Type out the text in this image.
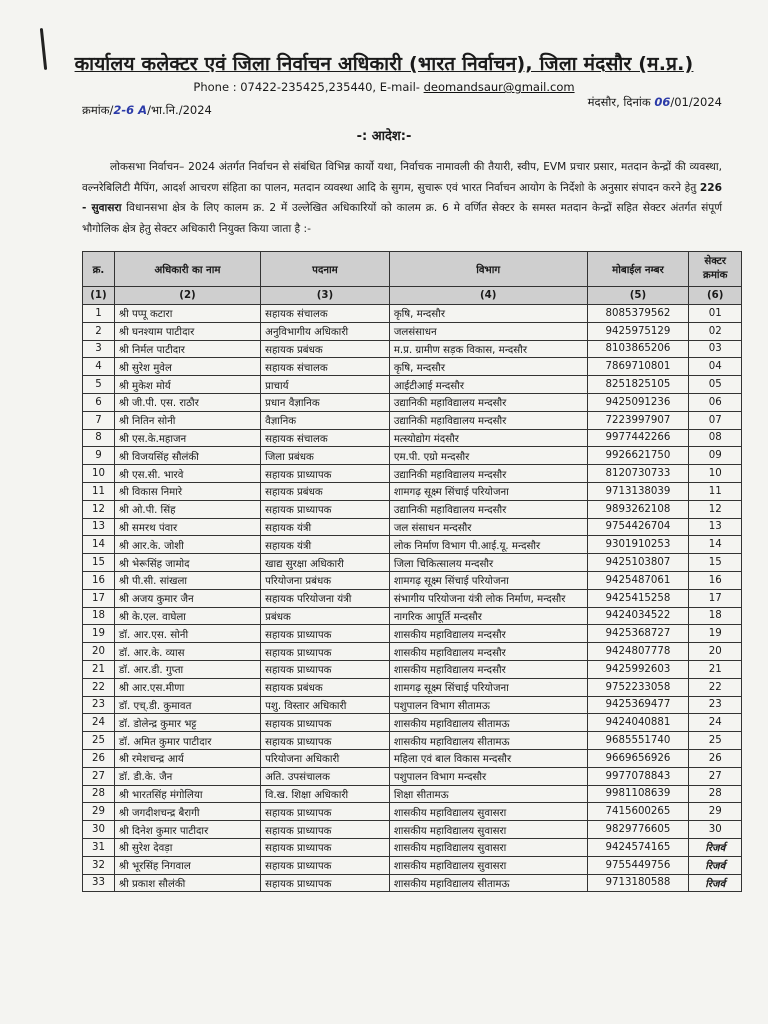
कार्यालय कलेक्टर एवं जिला निर्वाचन अधिकारी (भारत निर्वाचन), जिला मंदसौर (म.प्र.)
Phone : 07422-235425,235440, E-mail- deomandsaur@gmail.com
क्रमांक/2-6 A/भा.नि./2024
मंदसौर, दिनांक 06/01/2024
-: आदेश:-

लोकसभा निर्वाचन– 2024 अंतर्गत निर्वाचन से संबंधित विभिन्न कार्यो यथा, निर्वाचक नामावली की तैयारी, स्वीप, EVM प्रचार प्रसार, मतदान केन्द्रों की व्यवस्था, वल्नरेबिलिटी मैपिंग, आदर्श आचरण संहिता का पालन, मतदान व्यवस्था आदि के सुगम, सुचारू एवं भारत निर्वाचन आयोग के निर्देशो के अनुसार संपादन करने हेतु 226 - सुवासरा विधानसभा क्षेत्र के लिए कालम क्र. 2 में उल्लेखित अधिकारियों को कालम क्र. 6 मे वर्णित सेक्टर के समस्त मतदान केन्द्रों सहित सेक्टर अंतर्गत संपूर्ण भौगोलिक क्षेत्र हेतु सेक्टर अधिकारी नियुक्त किया जाता है :-

क्र.	अधिकारी का नाम	पदनाम	विभाग	मोबाईल नम्बर	सेक्टर क्रमांक
(1)	(2)	(3)	(4)	(5)	(6)
1	श्री पप्पू कटारा	सहायक संचालक	कृषि, मन्दसौर	8085379562	01
2	श्री घनश्याम पाटीदार	अनुविभागीय अधिकारी	जलसंसाधन	9425975129	02
3	श्री निर्मल पाटीदार	सहायक प्रबंधक	म.प्र. ग्रामीण सड़क विकास, मन्दसौर	8103865206	03
4	श्री सुरेश मुवेल	सहायक संचालक	कृषि, मन्दसौर	7869710801	04
5	श्री मुकेश मोर्य	प्राचार्य	आईटीआई मन्दसौर	8251825105	05
6	श्री जी.पी. एस. राठौर	प्रधान वैज्ञानिक	उद्यानिकी महाविद्यालय मन्दसौर	9425091236	06
7	श्री नितिन सोनी	वैज्ञानिक	उद्यानिकी महाविद्यालय मन्दसौर	7223997907	07
8	श्री एस.के.महाजन	सहायक संचालक	मत्स्योद्योग मंदसौर	9977442266	08
9	श्री विजयसिंह सौलंकी	जिला प्रबंधक	एम.पी. एग्रो मन्दसौर	9926621750	09
10	श्री एस.सी. भारवे	सहायक प्राध्यापक	उद्यानिकी महाविद्यालय मन्दसौर	8120730733	10
11	श्री विकास निमारे	सहायक प्रबंधक	शामगढ़ सूक्ष्म सिंचाई परियोजना	9713138039	11
12	श्री ओ.पी. सिंह	सहायक प्राध्यापक	उद्यानिकी महाविद्यालय मन्दसौर	9893262108	12
13	श्री समरथ पंवार	सहायक यंत्री	जल संसाधन मन्दसौर	9754426704	13
14	श्री आर.के. जोशी	सहायक यंत्री	लोक निर्माण विभाग पी.आई.यू. मन्दसौर	9301910253	14
15	श्री भेरूसिंह जामोद	खाद्य सुरक्षा अधिकारी	जिला चिकित्सालय मन्दसौर	9425103807	15
16	श्री पी.सी. सांखला	परियोजना प्रबंधक	शामगढ़ सूक्ष्म सिंचाई परियोजना	9425487061	16
17	श्री अजय कुमार जैन	सहायक परियोजना यंत्री	संभागीय परियोजना यंत्री लोक निर्माण, मन्दसौर	9425415258	17
18	श्री के.एल. वाघेला	प्रबंधक	नागरिक आपूर्ति मन्दसौर	9424034522	18
19	डॉ. आर.एस. सोनी	सहायक प्राध्यापक	शासकीय महाविद्यालय मन्दसौर	9425368727	19
20	डॉ. आर.के. व्यास	सहायक प्राध्यापक	शासकीय महाविद्यालय मन्दसौर	9424807778	20
21	डॉ. आर.डी. गुप्ता	सहायक प्राध्यापक	शासकीय महाविद्यालय मन्दसौर	9425992603	21
22	श्री आर.एस.मीणा	सहायक प्रबंधक	शामगढ़ सूक्ष्म सिंचाई परियोजना	9752233058	22
23	डॉ. एच्.डी. कुमावत	पशु. विस्तार अधिकारी	पशुपालन विभाग सीतामऊ	9425369477	23
24	डॉ. डोलेन्द्र कुमार भट्ट	सहायक प्राध्यापक	शासकीय महाविद्यालय सीतामऊ	9424040881	24
25	डॉ. अमित कुमार पाटीदार	सहायक प्राध्यापक	शासकीय महाविद्यालय सीतामऊ	9685551740	25
26	श्री रमेशचन्द्र आर्य	परियोजना अधिकारी	महिला एवं बाल विकास मन्दसौर	9669656926	26
27	डॉ. डी.के. जैन	अति. उपसंचालक	पशुपालन विभाग मन्दसौर	9977078843	27
28	श्री भारतसिंह मंगोलिया	वि.ख. शिक्षा अधिकारी	शिक्षा सीतामऊ	9981108639	28
29	श्री जगदीशचन्द्र बैरागी	सहायक प्राध्यापक	शासकीय महाविद्यालय सुवासरा	7415600265	29
30	श्री दिनेश कुमार पाटीदार	सहायक प्राध्यापक	शासकीय महाविद्यालय सुवासरा	9829776605	30
31	श्री सुरेश देवड़ा	सहायक प्राध्यापक	शासकीय महाविद्यालय सुवासरा	9424574165	रिजर्व
32	श्री भूरसिंह निगवाल	सहायक प्राध्यापक	शासकीय महाविद्यालय सुवासरा	9755449756	रिजर्व
33	श्री प्रकाश सौलंकी	सहायक प्राध्यापक	शासकीय महाविद्यालय सीतामऊ	9713180588	रिजर्व
